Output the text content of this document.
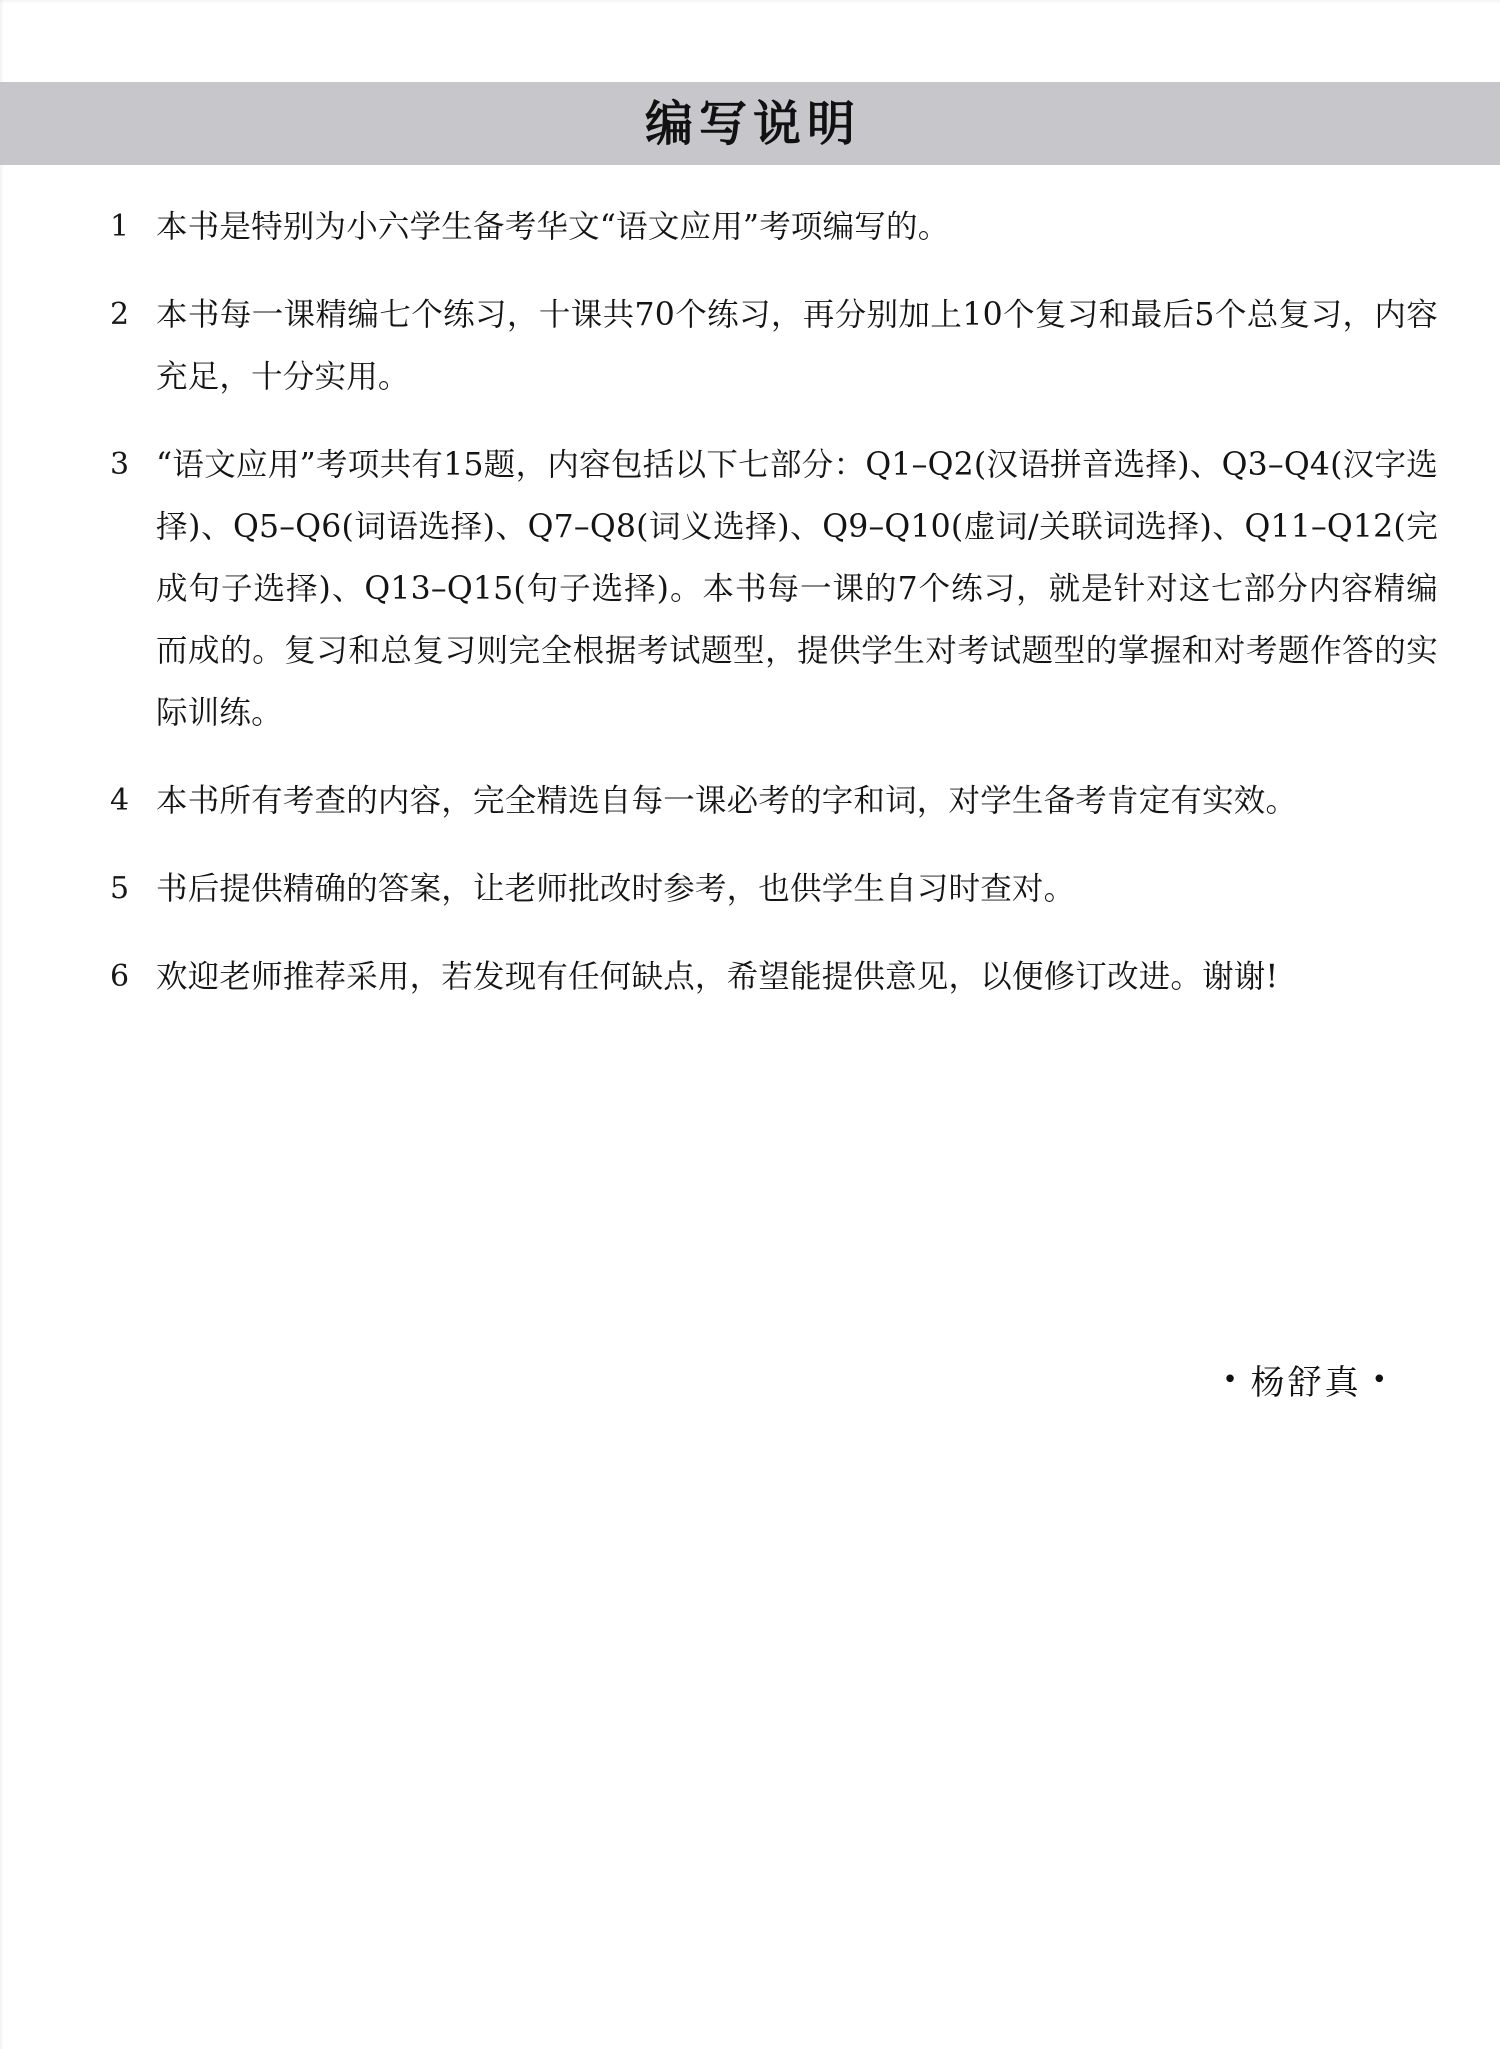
编写说明
1 本书是特别为小六学生备考华文“语文应用”考项编写的。
2 本书每一课精编七个练习，十课共70个练习，再分别加上10个复习和最后5个总复习，内容充足，十分实用。
3 “语文应用”考项共有15题，内容包括以下七部分：Q1–Q2(汉语拼音选择)、Q3–Q4(汉字选择)、Q5–Q6(词语选择)、Q7–Q8(词义选择)、Q9–Q10(虚词/关联词选择)、Q11–Q12(完成句子选择)、Q13–Q15(句子选择)。本书每一课的7个练习，就是针对这七部分内容精编而成的。复习和总复习则完全根据考试题型，提供学生对考试题型的掌握和对考题作答的实际训练。
4 本书所有考查的内容，完全精选自每一课必考的字和词，对学生备考肯定有实效。
5 书后提供精确的答案，让老师批改时参考，也供学生自习时查对。
6 欢迎老师推荐采用，若发现有任何缺点，希望能提供意见，以便修订改进。谢谢!
• 杨舒真 •
